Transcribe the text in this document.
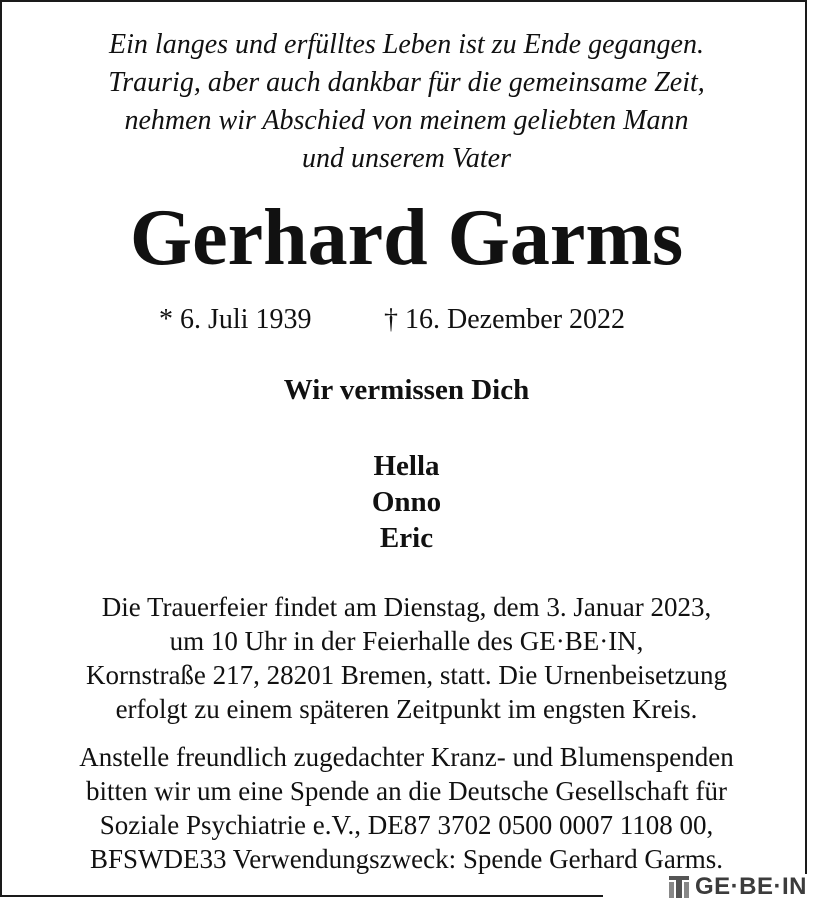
Ein langes und erfülltes Leben ist zu Ende gegangen.
Traurig, aber auch dankbar für die gemeinsame Zeit,
nehmen wir Abschied von meinem geliebten Mann
und unserem Vater
Gerhard Garms
* 6. Juli 1939	† 16. Dezember 2022
Wir vermissen Dich
Hella
Onno
Eric
Die Trauerfeier findet am Dienstag, dem 3. Januar 2023,
um 10 Uhr in der Feierhalle des GE·BE·IN,
Kornstraße 217, 28201 Bremen, statt. Die Urnenbeisetzung
erfolgt zu einem späteren Zeitpunkt im engsten Kreis.
Anstelle freundlich zugedachter Kranz- und Blumenspenden
bitten wir um eine Spende an die Deutsche Gesellschaft für
Soziale Psychiatrie e.V., DE87 3702 0500 0007 1108 00,
BFSWDE33 Verwendungszweck: Spende Gerhard Garms.
GE·BE·IN
